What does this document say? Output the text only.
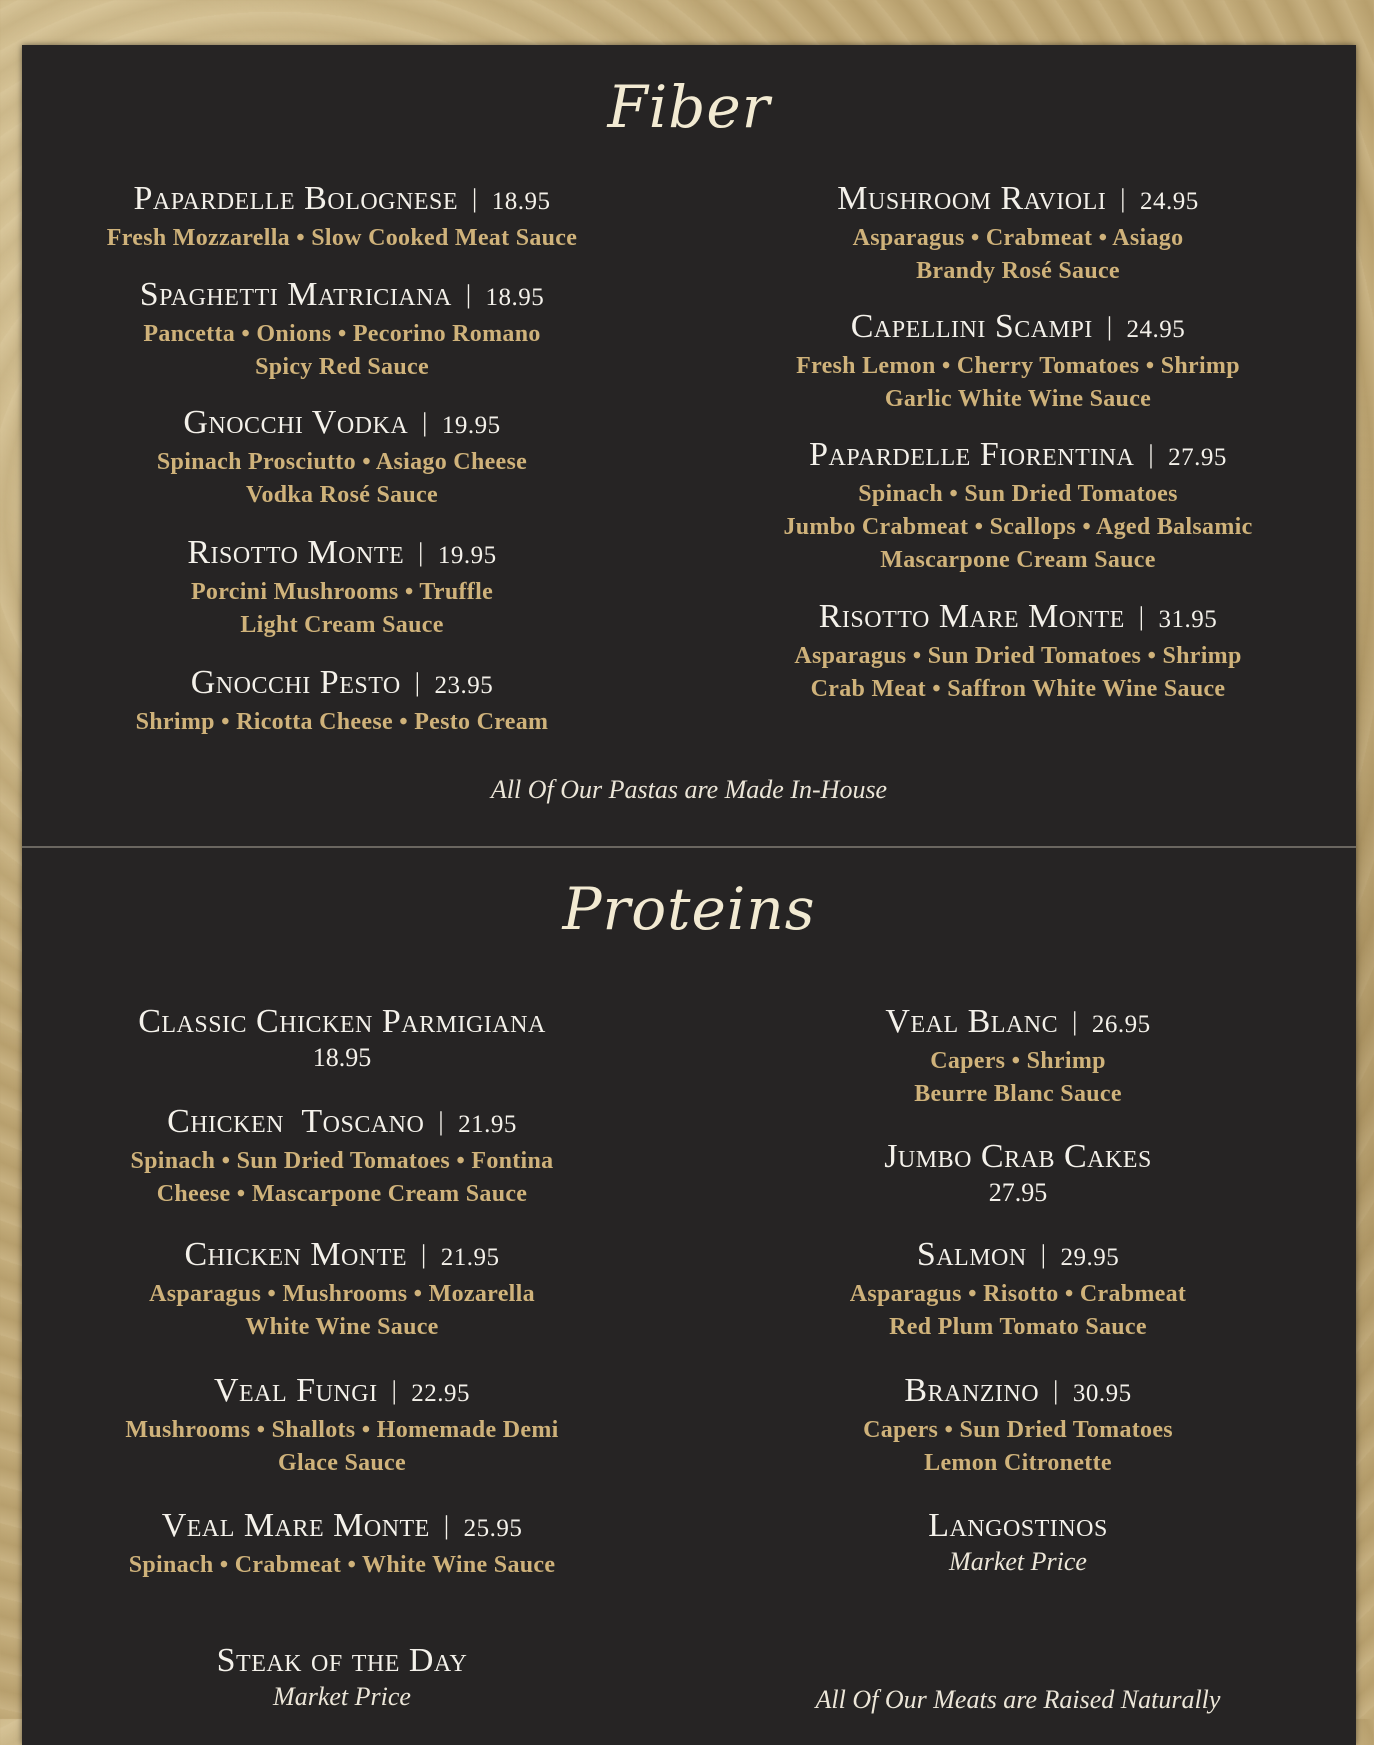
Fiber
Papardelle Bolognese | 18.95
Fresh Mozzarella • Slow Cooked Meat Sauce
Spaghetti Matriciana | 18.95
Pancetta • Onions • Pecorino Romano
Spicy Red Sauce
Gnocchi Vodka | 19.95
Spinach Prosciutto • Asiago Cheese
Vodka Rosé Sauce
Risotto Monte | 19.95
Porcini Mushrooms • Truffle
Light Cream Sauce
Gnocchi Pesto | 23.95
Shrimp • Ricotta Cheese • Pesto Cream
Mushroom Ravioli | 24.95
Asparagus • Crabmeat • Asiago
Brandy Rosé Sauce
Capellini Scampi | 24.95
Fresh Lemon • Cherry Tomatoes • Shrimp
Garlic White Wine Sauce
Papardelle Fiorentina | 27.95
Spinach • Sun Dried Tomatoes
Jumbo Crabmeat • Scallops • Aged Balsamic
Mascarpone Cream Sauce
Risotto Mare Monte | 31.95
Asparagus • Sun Dried Tomatoes • Shrimp
Crab Meat • Saffron White Wine Sauce
All Of Our Pastas are Made In-House
Proteins
Classic Chicken Parmigiana
18.95
Chicken  Toscano | 21.95
Spinach • Sun Dried Tomatoes • Fontina
Cheese • Mascarpone Cream Sauce
Chicken Monte | 21.95
Asparagus • Mushrooms • Mozarella
White Wine Sauce
Veal Fungi | 22.95
Mushrooms • Shallots • Homemade Demi
Glace Sauce
Veal Mare Monte | 25.95
Spinach • Crabmeat • White Wine Sauce
Steak of the Day
Market Price
Veal Blanc | 26.95
Capers • Shrimp
Beurre Blanc Sauce
Jumbo Crab Cakes
27.95
Salmon | 29.95
Asparagus • Risotto • Crabmeat
Red Plum Tomato Sauce
Branzino | 30.95
Capers • Sun Dried Tomatoes
Lemon Citronette
Langostinos
Market Price
All Of Our Meats are Raised Naturally
